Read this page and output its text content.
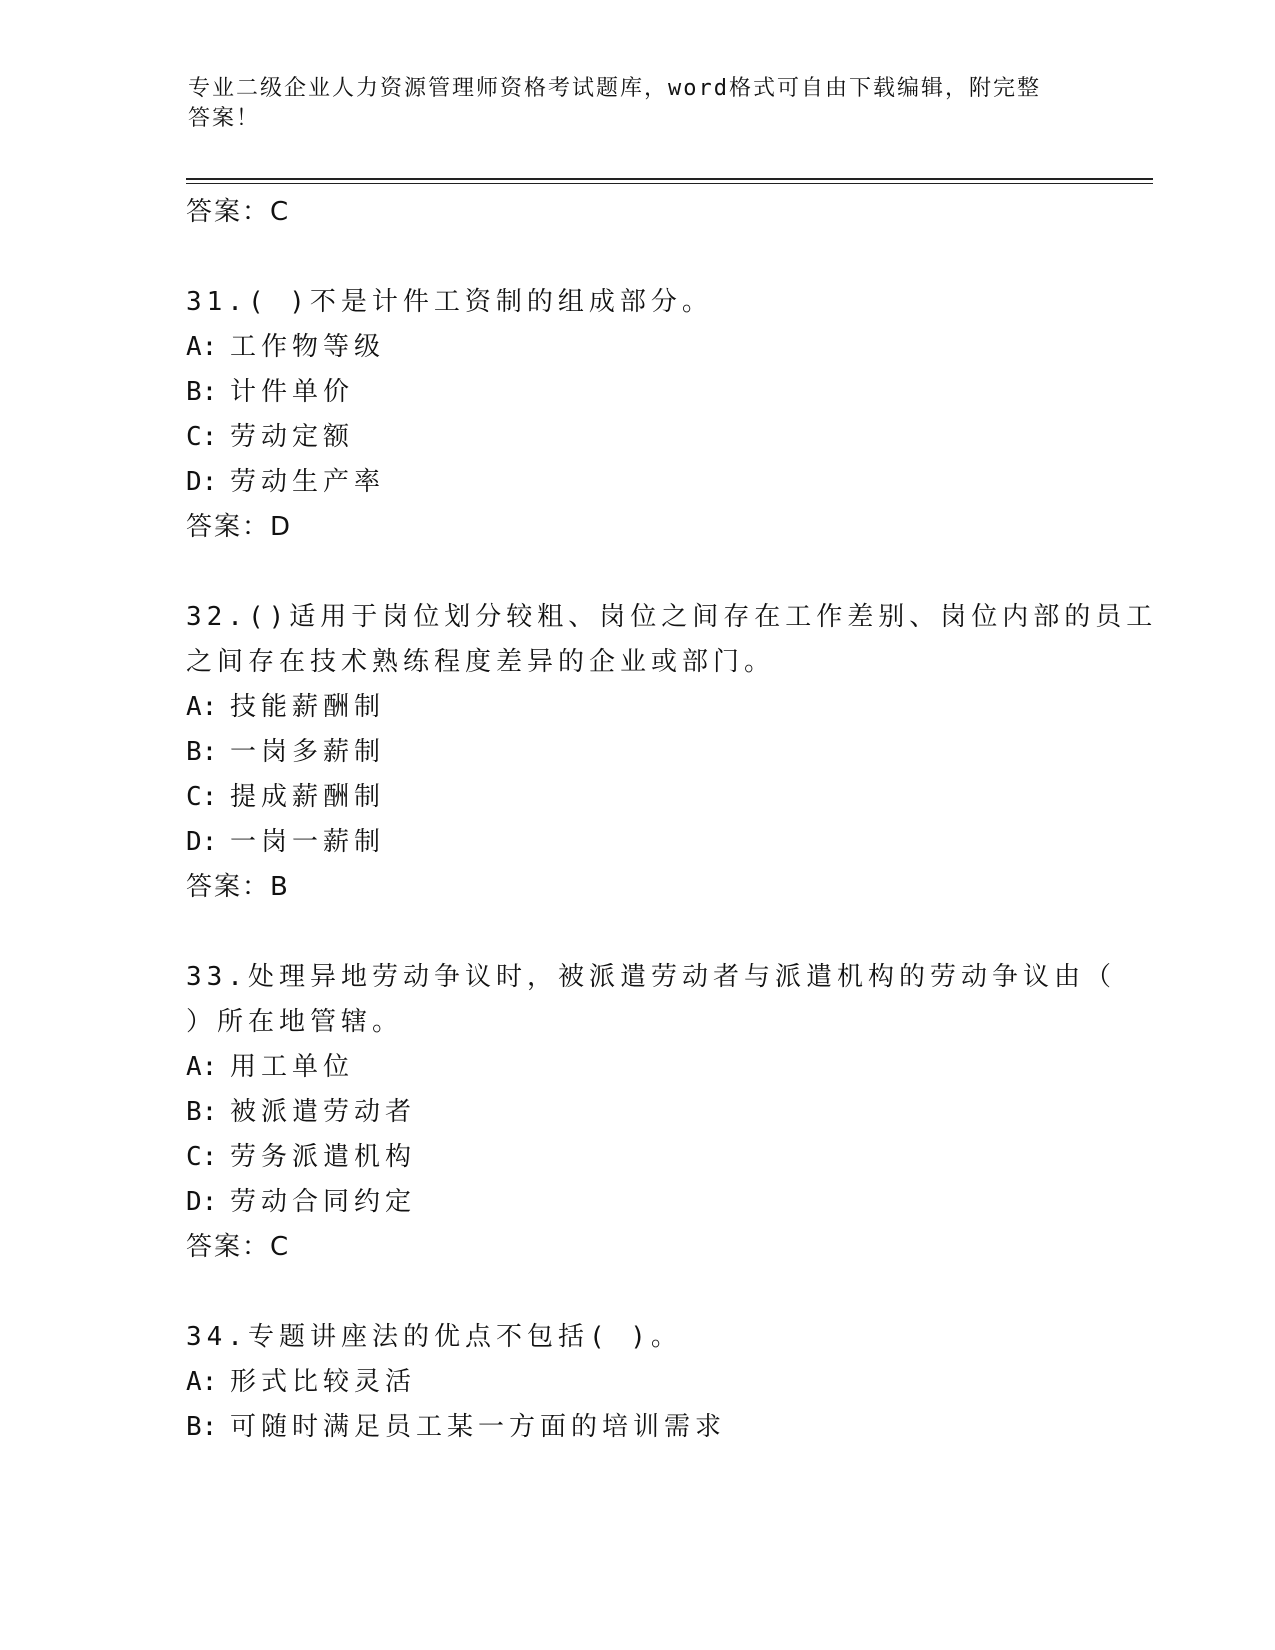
专业二级企业人力资源管理师资格考试题库，word格式可自由下载编辑，附完整
答案！
答案：C
31.( )不是计件工资制的组成部分。
A: 工作物等级
B: 计件单价
C: 劳动定额
D: 劳动生产率
答案：D
32.()适用于岗位划分较粗、岗位之间存在工作差别、岗位内部的员工
之间存在技术熟练程度差异的企业或部门。
A: 技能薪酬制
B: 一岗多薪制
C: 提成薪酬制
D: 一岗一薪制
答案：B
33.处理异地劳动争议时，被派遣劳动者与派遣机构的劳动争议由（
）所在地管辖。
A: 用工单位
B: 被派遣劳动者
C: 劳务派遣机构
D: 劳动合同约定
答案：C
34.专题讲座法的优点不包括( )。
A: 形式比较灵活
B: 可随时满足员工某一方面的培训需求
